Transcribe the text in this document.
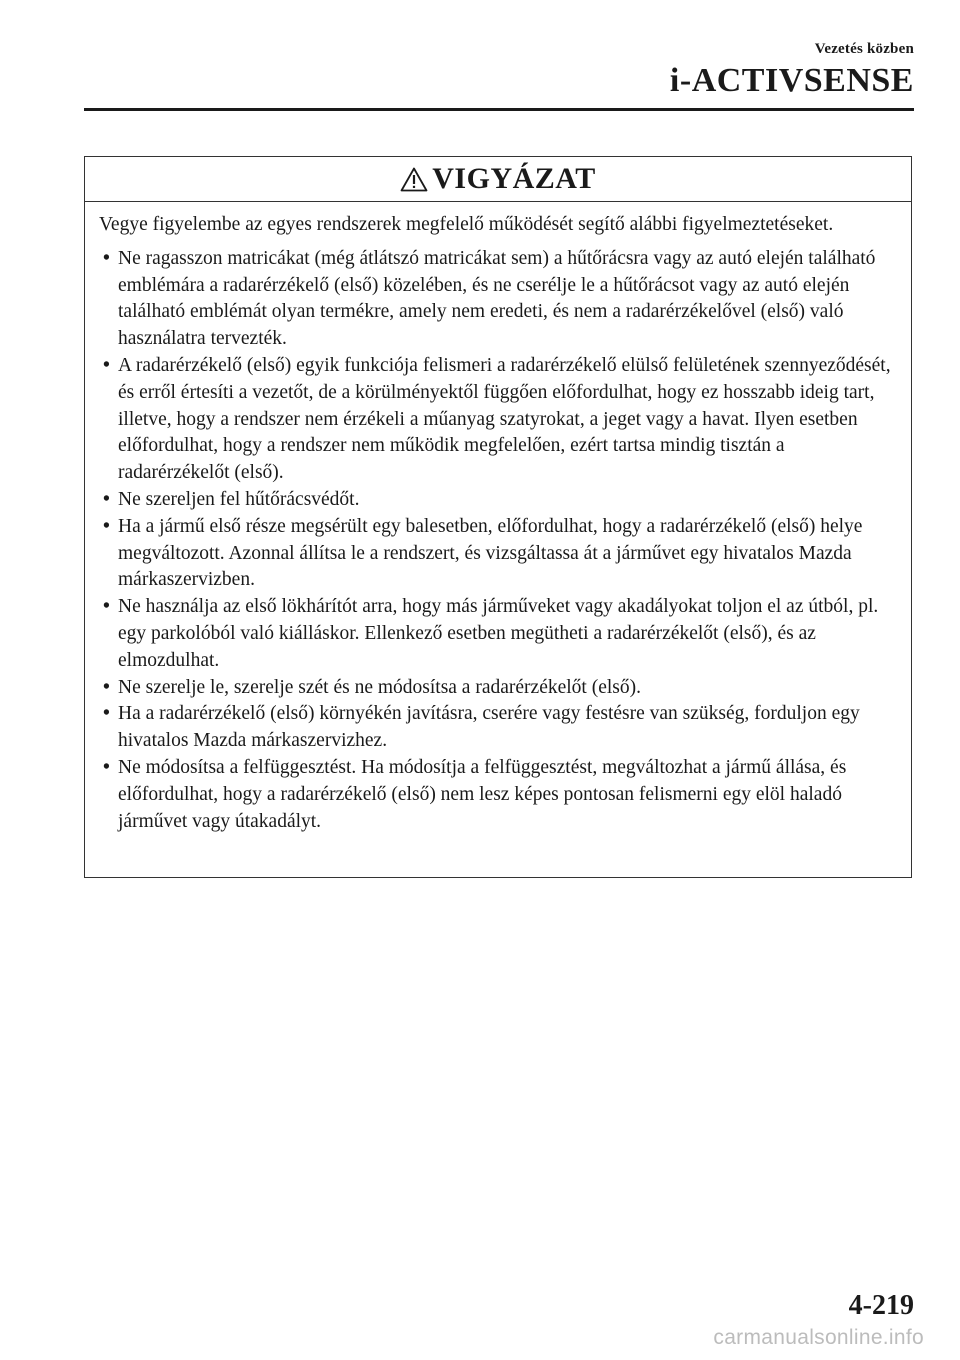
Vezetés közben
i-ACTIVSENSE
VIGYÁZAT

Vegye figyelembe az egyes rendszerek megfelelő működését segítő alábbi figyelmeztetéseket.

• Ne ragasszon matricákat (még átlátszó matricákat sem) a hűtőrácsra vagy az autó elején található emblémára a radarérzékelő (első) közelében, és ne cserélje le a hűtőrácsot vagy az autó elején található emblémát olyan termékre, amely nem eredeti, és nem a radarérzékelővel (első) való használatra tervezték.
• A radarérzékelő (első) egyik funkciója felismeri a radarérzékelő elülső felületének szennyeződését, és erről értesíti a vezetőt, de a körülményektől függően előfordulhat, hogy ez hosszabb ideig tart, illetve, hogy a rendszer nem érzékeli a műanyag szatyrokat, a jeget vagy a havat. Ilyen esetben előfordulhat, hogy a rendszer nem működik megfelelően, ezért tartsa mindig tisztán a radarérzékelőt (első).
• Ne szereljen fel hűtőrácsvédőt.
• Ha a jármű első része megsérült egy balesetben, előfordulhat, hogy a radarérzékelő (első) helye megváltozott. Azonnal állítsa le a rendszert, és vizsgáltassa át a járművet egy hivatalos Mazda márkaszervizben.
• Ne használja az első lökhárítót arra, hogy más járműveket vagy akadályokat toljon el az útból, pl. egy parkolóból való kiálláskor. Ellenkező esetben megütheti a radarérzékelőt (első), és az elmozdulhat.
• Ne szerelje le, szerelje szét és ne módosítsa a radarérzékelőt (első).
• Ha a radarérzékelő (első) környékén javításra, cserére vagy festésre van szükség, forduljon egy hivatalos Mazda márkaszervizhez.
• Ne módosítsa a felfüggesztést. Ha módosítja a felfüggesztést, megváltozhat a jármű állása, és előfordulhat, hogy a radarérzékelő (első) nem lesz képes pontosan felismerni egy elöl haladó járművet vagy útakadályt.
4-219
carmanualsonline.info
